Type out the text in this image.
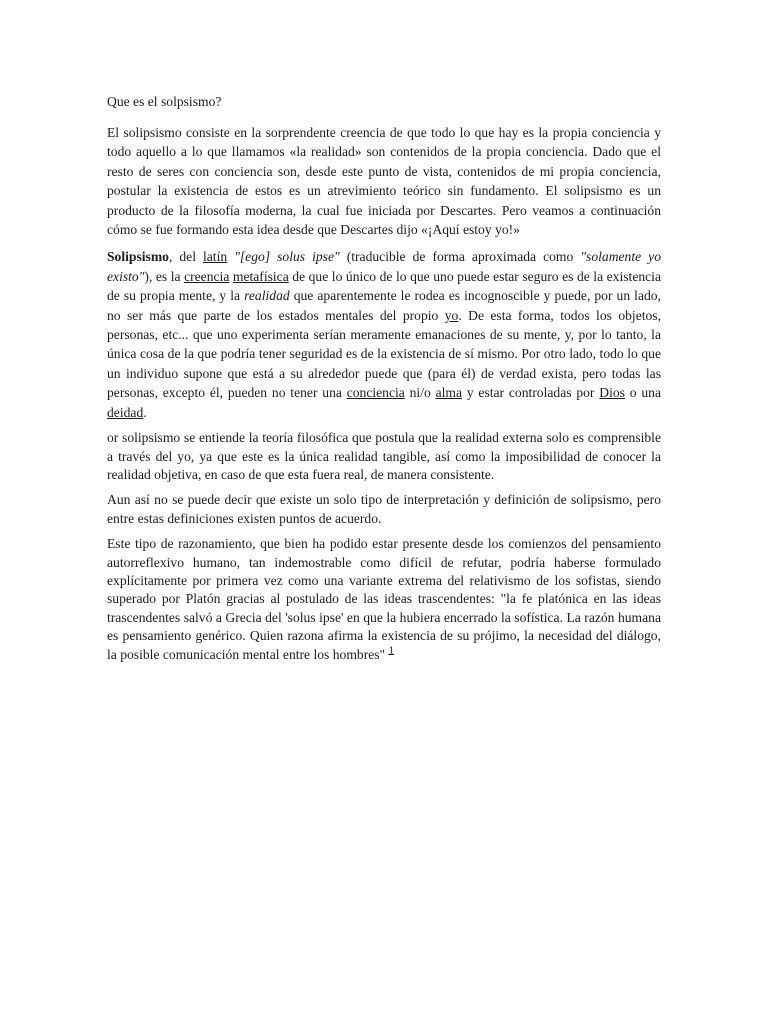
Que es el solpsismo?

El solipsismo consiste en la sorprendente creencia de que todo lo que hay es la propia conciencia y todo aquello a lo que llamamos «la realidad» son contenidos de la propia conciencia. Dado que el resto de seres con conciencia son, desde este punto de vista, contenidos de mi propia conciencia, postular la existencia de estos es un atrevimiento teórico sin fundamento. El solipsismo es un producto de la filosofía moderna, la cual fue iniciada por Descartes. Pero veamos a continuación cómo se fue formando esta idea desde que Descartes dijo «¡Aquí estoy yo!»

Solipsismo, del latín "[ego] solus ipse" (traducible de forma aproximada como "solamente yo existo"), es la creencia metafísica de que lo único de lo que uno puede estar seguro es de la existencia de su propia mente, y la realidad que aparentemente le rodea es incognoscible y puede, por un lado, no ser más que parte de los estados mentales del propio yo. De esta forma, todos los objetos, personas, etc... que uno experimenta serían meramente emanaciones de su mente, y, por lo tanto, la única cosa de la que podría tener seguridad es de la existencia de sí mismo. Por otro lado, todo lo que un individuo supone que está a su alrededor puede que (para él) de verdad exista, pero todas las personas, excepto él, pueden no tener una conciencia ni/o alma y estar controladas por Dios o una deidad.

or solipsismo se entiende la teoría filosófica que postula que la realidad externa solo es comprensible a través del yo, ya que este es la única realidad tangible, así como la imposibilidad de conocer la realidad objetiva, en caso de que esta fuera real, de manera consistente.

Aun así no se puede decir que existe un solo tipo de interpretación y definición de solipsismo, pero entre estas definiciones existen puntos de acuerdo.

Este tipo de razonamiento, que bien ha podido estar presente desde los comienzos del pensamiento autorreflexivo humano, tan indemostrable como difícil de refutar, podría haberse formulado explícitamente por primera vez como una variante extrema del relativismo de los sofistas, siendo superado por Platón gracias al postulado de las ideas trascendentes: "la fe platónica en las ideas trascendentes salvó a Grecia del 'solus ipse' en que la hubiera encerrado la sofística. La razón humana es pensamiento genérico. Quien razona afirma la existencia de su prójimo, la necesidad del diálogo, la posible comunicación mental entre los hombres" $^1$
